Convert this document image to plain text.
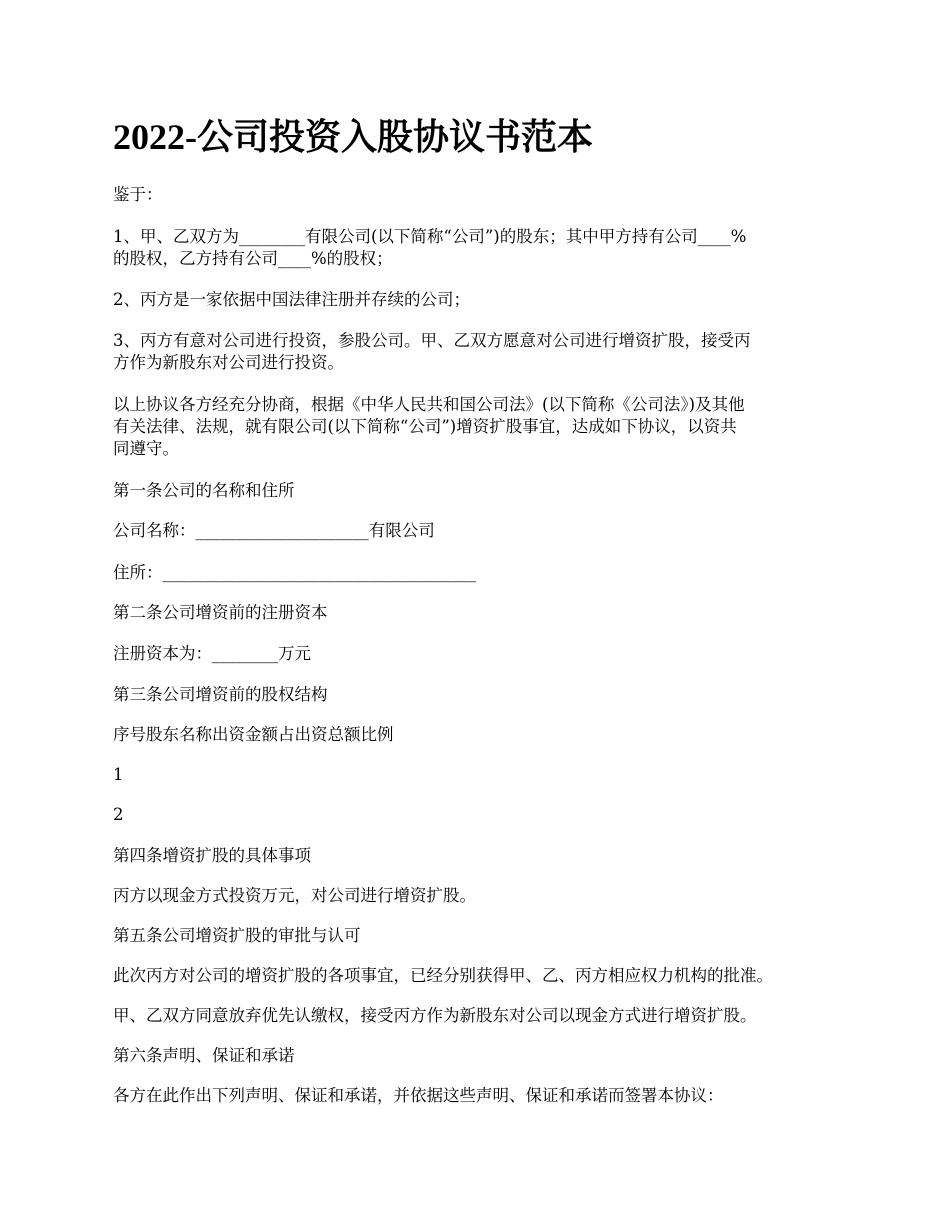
2022-公司投资入股协议书范本
鉴于：
1、甲、乙双方为________有限公司(以下简称“公司”)的股东；其中甲方持有公司____%
的股权，乙方持有公司____%的股权；
2、丙方是一家依据中国法律注册并存续的公司；
3、丙方有意对公司进行投资，参股公司。甲、乙双方愿意对公司进行增资扩股，接受丙
方作为新股东对公司进行投资。
以上协议各方经充分协商，根据《中华人民共和国公司法》(以下简称《公司法》)及其他
有关法律、法规，就有限公司(以下简称“公司”)增资扩股事宜，达成如下协议，以资共
同遵守。
第一条公司的名称和住所
公司名称：_____________________有限公司
住所：______________________________________
第二条公司增资前的注册资本
注册资本为：________万元
第三条公司增资前的股权结构
序号股东名称出资金额占出资总额比例
1
2
第四条增资扩股的具体事项
丙方以现金方式投资万元，对公司进行增资扩股。
第五条公司增资扩股的审批与认可
此次丙方对公司的增资扩股的各项事宜，已经分别获得甲、乙、丙方相应权力机构的批准。
甲、乙双方同意放弃优先认缴权，接受丙方作为新股东对公司以现金方式进行增资扩股。
第六条声明、保证和承诺
各方在此作出下列声明、保证和承诺，并依据这些声明、保证和承诺而签署本协议：
